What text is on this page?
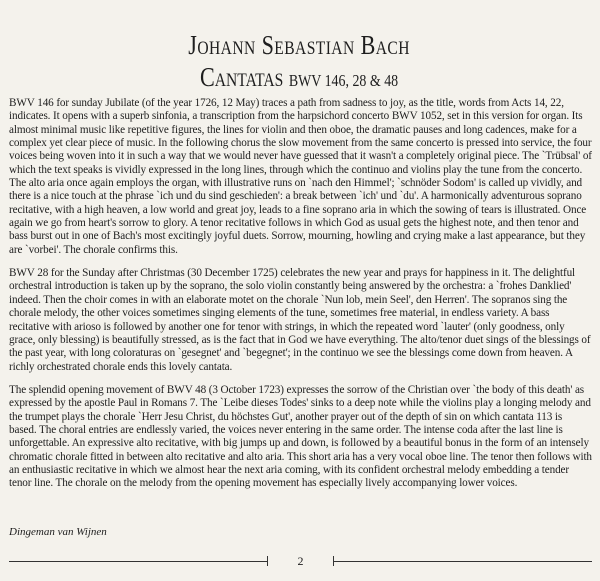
Johann Sebastian Bach
Cantatas BWV 146, 28 & 48

BWV 146 for sunday Jubilate (of the year 1726, 12 May) traces a path from sadness to joy, as the title, words from Acts 14, 22, indicates. It opens with a superb sinfonia, a transcription from the harpsichord concerto BWV 1052, set in this version for organ. Its almost minimal music like repetitive figures, the lines for violin and then oboe, the dramatic pauses and long cadences, make for a complex yet clear piece of music. In the following chorus the slow movement from the same concerto is pressed into service, the four voices being woven into it in such a way that we would never have guessed that it wasn't a completely original piece. The `Trübsal' of which the text speaks is vividly expressed in the long lines, through which the continuo and violins play the tune from the concerto. The alto aria once again employs the organ, with illustrative runs on `nach den Himmel'; `schnöder Sodom' is called up vividly, and there is a nice touch at the phrase `ich und du sind geschieden': a break between `ich' und `du'. A harmonically adventurous soprano recitative, with a high heaven, a low world and great joy, leads to a fine soprano aria in which the sowing of tears is illustrated. Once again we go from heart's sorrow to glory. A tenor recitative follows in which God as usual gets the highest note, and then tenor and bass burst out in one of Bach's most excitingly joyful duets. Sorrow, mourning, howling and crying make a last appearance, but they are `vorbei'. The chorale confirms this.

BWV 28 for the Sunday after Christmas (30 December 1725) celebrates the new year and prays for happiness in it. The delightful orchestral introduction is taken up by the soprano, the solo violin constantly being answered by the orchestra: a `frohes Danklied' indeed. Then the choir comes in with an elaborate motet on the chorale `Nun lob, mein Seel', den Herren'. The sopranos sing the chorale melody, the other voices sometimes singing elements of the tune, sometimes free material, in endless variety. A bass recitative with arioso is followed by another one for tenor with strings, in which the repeated word `lauter' (only goodness, only grace, only blessing) is beautifully stressed, as is the fact that in God we have everything. The alto/tenor duet sings of the blessings of the past year, with long coloraturas on `gesegnet' and `begegnet'; in the continuo we see the blessings come down from heaven. A richly orchestrated chorale ends this lovely cantata.

The splendid opening movement of BWV 48 (3 October 1723) expresses the sorrow of the Christian over `the body of this death' as expressed by the apostle Paul in Romans 7. The `Leibe dieses Todes' sinks to a deep note while the violins play a longing melody and the trumpet plays the chorale `Herr Jesu Christ, du höchstes Gut', another prayer out of the depth of sin on which cantata 113 is based. The choral entries are endlessly varied, the voices never entering in the same order. The intense coda after the last line is unforgettable. An expressive alto recitative, with big jumps up and down, is followed by a beautiful bonus in the form of an intensely chromatic chorale fitted in between alto recitative and alto aria. This short aria has a very vocal oboe line. The tenor then follows with an enthusiastic recitative in which we almost hear the next aria coming, with its confident orchestral melody embedding a tender tenor line. The chorale on the melody from the opening movement has especially lively accompanying lower voices.

Dingeman van Wijnen
2
